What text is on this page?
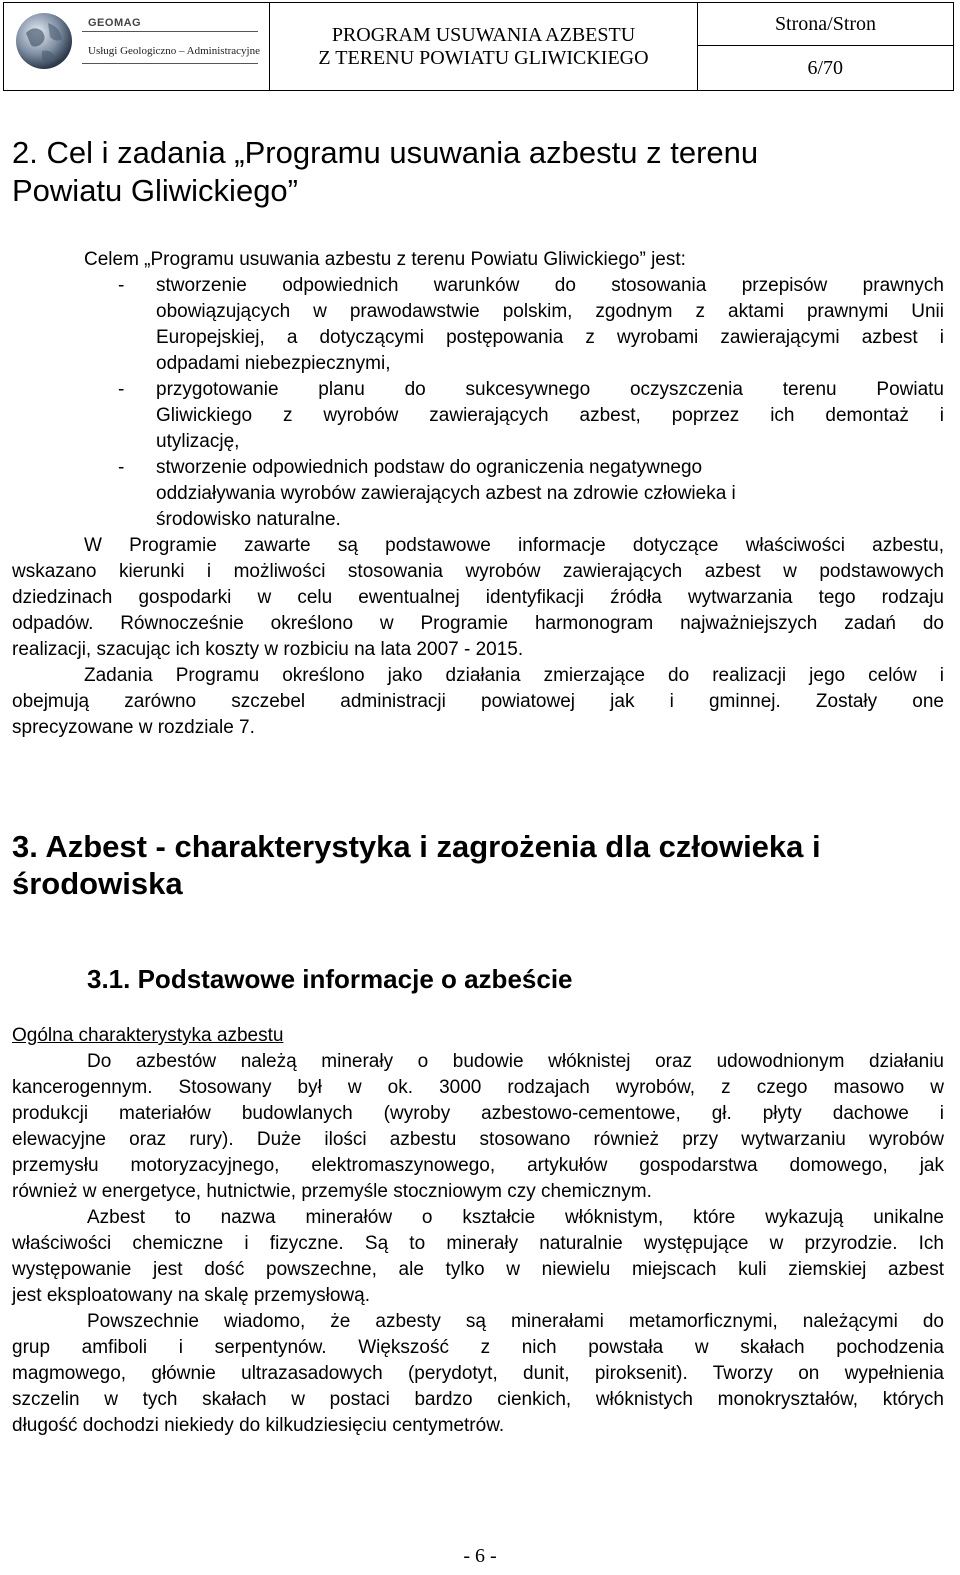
GEOMAG
Usługi Geologiczno – Administracyjne
PROGRAM USUWANIA AZBESTU
Z TERENU POWIATU GLIWICKIEGO
Strona/Stron
6/70
2. Cel i zadania „Programu usuwania azbestu z terenu
Powiatu Gliwickiego”
Celem „Programu usuwania azbestu z terenu Powiatu Gliwickiego” jest:
- stworzenie odpowiednich warunków do stosowania przepisów prawnych
obowiązujących w prawodawstwie polskim, zgodnym z aktami prawnymi Unii
Europejskiej, a dotyczącymi postępowania z wyrobami zawierającymi azbest i
odpadami niebezpiecznymi,
- przygotowanie planu do sukcesywnego oczyszczenia terenu Powiatu
Gliwickiego z wyrobów zawierających azbest, poprzez ich demontaż i
utylizację,
- stworzenie odpowiednich podstaw do ograniczenia negatywnego
oddziaływania wyrobów zawierających azbest na zdrowie człowieka i
środowisko naturalne.
W Programie zawarte są podstawowe informacje dotyczące właściwości azbestu,
wskazano kierunki i możliwości stosowania wyrobów zawierających azbest w podstawowych
dziedzinach gospodarki w celu ewentualnej identyfikacji źródła wytwarzania tego rodzaju
odpadów. Równocześnie określono w Programie harmonogram najważniejszych zadań do
realizacji, szacując ich koszty w rozbiciu na lata 2007 - 2015.
Zadania Programu określono jako działania zmierzające do realizacji jego celów i
obejmują zarówno szczebel administracji powiatowej jak i gminnej. Zostały one
sprecyzowane w rozdziale 7.
3. Azbest - charakterystyka i zagrożenia dla człowieka i
środowiska
3.1. Podstawowe informacje o azbeście
Ogólna charakterystyka azbestu
Do azbestów należą minerały o budowie włóknistej oraz udowodnionym działaniu
kancerogennym. Stosowany był w ok. 3000 rodzajach wyrobów, z czego masowo w
produkcji materiałów budowlanych (wyroby azbestowo-cementowe, gł. płyty dachowe i
elewacyjne oraz rury). Duże ilości azbestu stosowano również przy wytwarzaniu wyrobów
przemysłu motoryzacyjnego, elektromaszynowego, artykułów gospodarstwa domowego, jak
również w energetyce, hutnictwie, przemyśle stoczniowym czy chemicznym.
Azbest to nazwa minerałów o kształcie włóknistym, które wykazują unikalne
właściwości chemiczne i fizyczne. Są to minerały naturalnie występujące w przyrodzie. Ich
występowanie jest dość powszechne, ale tylko w niewielu miejscach kuli ziemskiej azbest
jest eksploatowany na skalę przemysłową.
Powszechnie wiadomo, że azbesty są minerałami metamorficznymi, należącymi do
grup amfiboli i serpentynów. Większość z nich powstała w skałach pochodzenia
magmowego, głównie ultrazasadowych (perydotyt, dunit, piroksenit). Tworzy on wypełnienia
szczelin w tych skałach w postaci bardzo cienkich, włóknistych monokryształów, których
długość dochodzi niekiedy do kilkudziesięciu centymetrów.
- 6 -
